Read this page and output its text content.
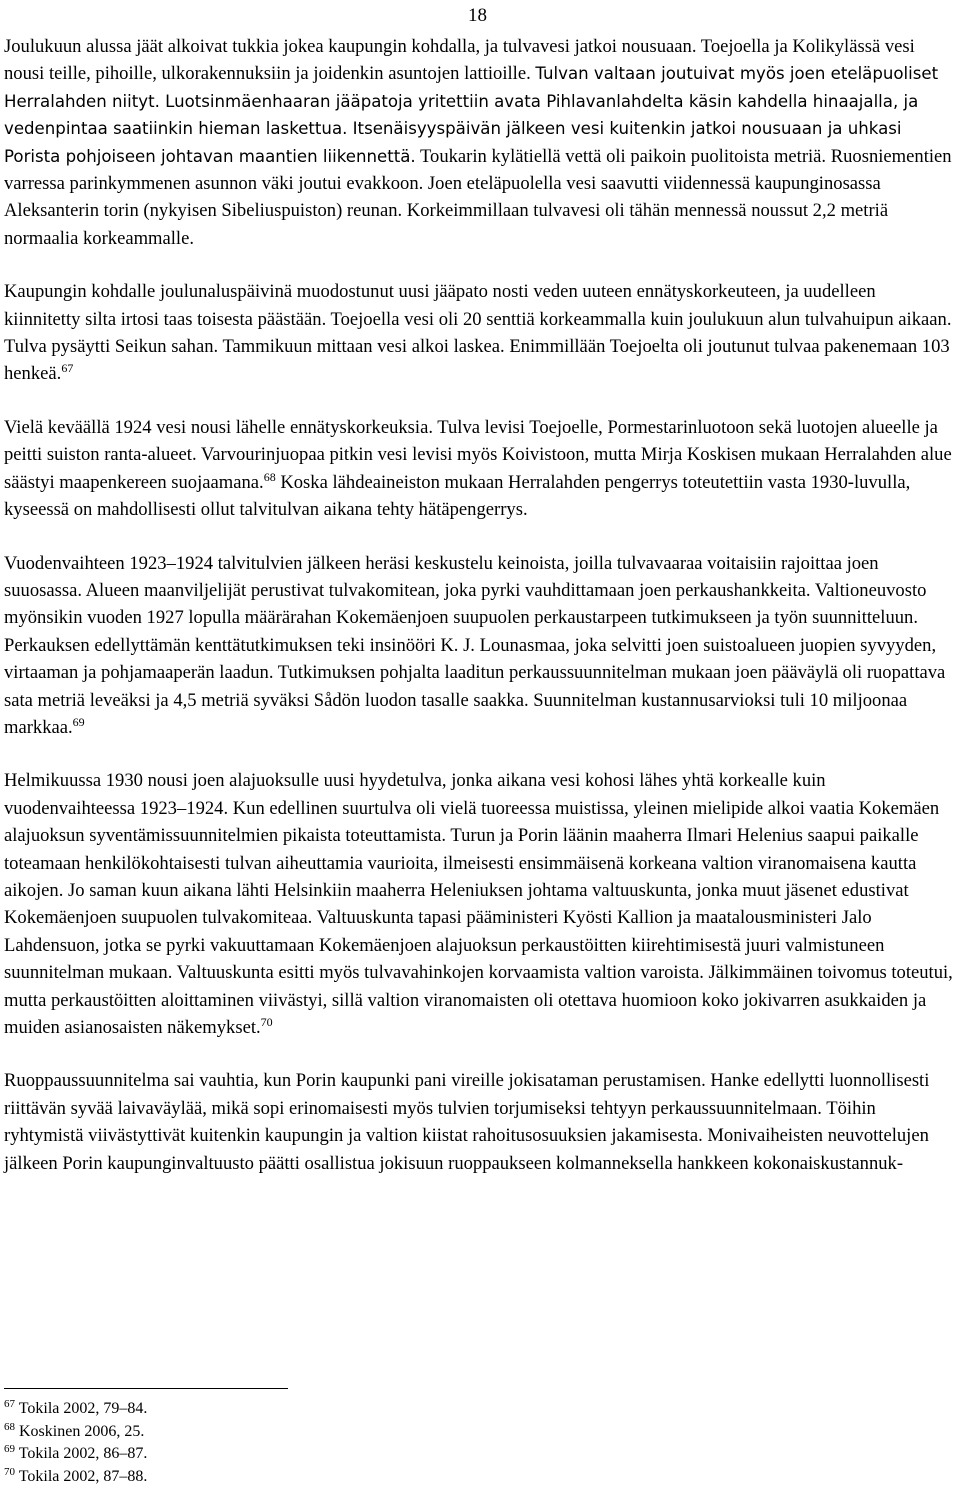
18

Joulukuun alussa jäät alkoivat tukkia jokea kaupungin kohdalla, ja tulvavesi jatkoi nousuaan. Toejoella ja Kolikylässä vesi nousi teille, pihoille, ulkorakennuksiin ja joidenkin asuntojen lattioille. Tulvan valtaan joutuivat myös joen eteläpuoliset Herralahden niityt. Luotsinmäenhaaran jääpatoja yritettiin avata Pihlavanlahdelta käsin kahdella hinaajalla, ja vedenpintaa saatiinkin hieman laskettua. Itsenäisyyspäivän jälkeen vesi kuitenkin jatkoi nousuaan ja uhkasi Porista pohjoiseen johtavan maantien liikennettä. Toukarin kylätiellä vettä oli paikoin puolitoista metriä. Ruosniementien varressa parinkymmenen asunnon väki joutui evakkoon. Joen eteläpuolella vesi saavutti viidennessä kaupunginosassa Aleksanterin torin (nykyisen Sibeliuspuiston) reunan. Korkeimmillaan tulvavesi oli tähän mennessä noussut 2,2 metriä normaalia korkeammalle.

Kaupungin kohdalle joulunaluspäivinä muodostunut uusi jääpato nosti veden uuteen ennätyskorkeuteen, ja uudelleen kiinnitetty silta irtosi taas toisesta päästään. Toejoella vesi oli 20 senttiä korkeammalla kuin joulukuun alun tulvahuipun aikaan. Tulva pysäytti Seikun sahan. Tammikuun mittaan vesi alkoi laskea. Enimmillään Toejoelta oli joutunut tulvaa pakenemaan 103 henkeä.$^{67}$

Vielä keväällä 1924 vesi nousi lähelle ennätyskorkeuksia. Tulva levisi Toejoelle, Pormestarinluotoon sekä luotojen alueelle ja peitti suiston ranta-alueet. Varvourinjuopaa pitkin vesi levisi myös Koivistoon, mutta Mirja Koskisen mukaan Herralahden alue säästyi maapenkereen suojaamana.$^{68}$ Koska lähdeaineiston mukaan Herralahden pengerrys toteutettiin vasta 1930-luvulla, kyseessä on mahdollisesti ollut talvitulvan aikana tehty hätäpengerrys.

Vuodenvaihteen 1923–1924 talvitulvien jälkeen heräsi keskustelu keinoista, joilla tulvavaaraa voitaisiin rajoittaa joen suuosassa. Alueen maanviljelijät perustivat tulvakomitean, joka pyrki vauhdittamaan joen perkaushankkeita. Valtioneuvosto myönsikin vuoden 1927 lopulla määrärahan Kokemäenjoen suupuolen perkaustarpeen tutkimukseen ja työn suunnitteluun. Perkauksen edellyttämän kenttätutkimuksen teki insinööri K. J. Lounasmaa, joka selvitti joen suistoalueen juopien syvyyden, virtaaman ja pohjamaaperän laadun. Tutkimuksen pohjalta laaditun perkaussuunnitelman mukaan joen pääväylä oli ruopattava sata metriä leveäksi ja 4,5 metriä syväksi Sådön luodon tasalle saakka. Suunnitelman kustannusarvioksi tuli 10 miljoonaa markkaa.$^{69}$

Helmikuussa 1930 nousi joen alajuoksulle uusi hyydetulva, jonka aikana vesi kohosi lähes yhtä korkealle kuin vuodenvaihteessa 1923–1924. Kun edellinen suurtulva oli vielä tuoreessa muistissa, yleinen mielipide alkoi vaatia Kokemäen alajuoksun syventämissuunnitelmien pikaista toteuttamista. Turun ja Porin läänin maaherra Ilmari Helenius saapui paikalle toteamaan henkilökohtaisesti tulvan aiheuttamia vaurioita, ilmeisesti ensimmäisenä korkeana valtion viranomaisena kautta aikojen. Jo saman kuun aikana lähti Helsinkiin maaherra Heleniuksen johtama valtuuskunta, jonka muut jäsenet edustivat Kokemäenjoen suupuolen tulvakomiteaa. Valtuuskunta tapasi pääministeri Kyösti Kallion ja maatalousministeri Jalo Lahdensuon, jotka se pyrki vakuuttamaan Kokemäenjoen alajuoksun perkaustöitten kiirehtimisestä juuri valmistuneen suunnitelman mukaan. Valtuuskunta esitti myös tulvavahinkojen korvaamista valtion varoista. Jälkimmäinen toivomus toteutui, mutta perkaustöitten aloittaminen viivästyi, sillä valtion viranomaisten oli otettava huomioon koko jokivarren asukkaiden ja muiden asianosaisten näkemykset.$^{70}$

Ruoppaussuunnitelma sai vauhtia, kun Porin kaupunki pani vireille jokisataman perustamisen. Hanke edellytti luonnollisesti riittävän syvää laivaväylää, mikä sopi erinomaisesti myös tulvien torjumiseksi tehtyyn perkaussuunnitelmaan. Töihin ryhtymistä viivästyttivät kuitenkin kaupungin ja valtion kiistat rahoitusosuuksien jakamisesta. Monivaiheisten neuvottelujen jälkeen Porin kaupunginvaltuusto päätti osallistua jokisuun ruoppaukseen kolmanneksella hankkeen kokonaiskustannuk-

$^{67}$ Tokila 2002, 79–84.
$^{68}$ Koskinen 2006, 25.
$^{69}$ Tokila 2002, 86–87.
$^{70}$ Tokila 2002, 87–88.
